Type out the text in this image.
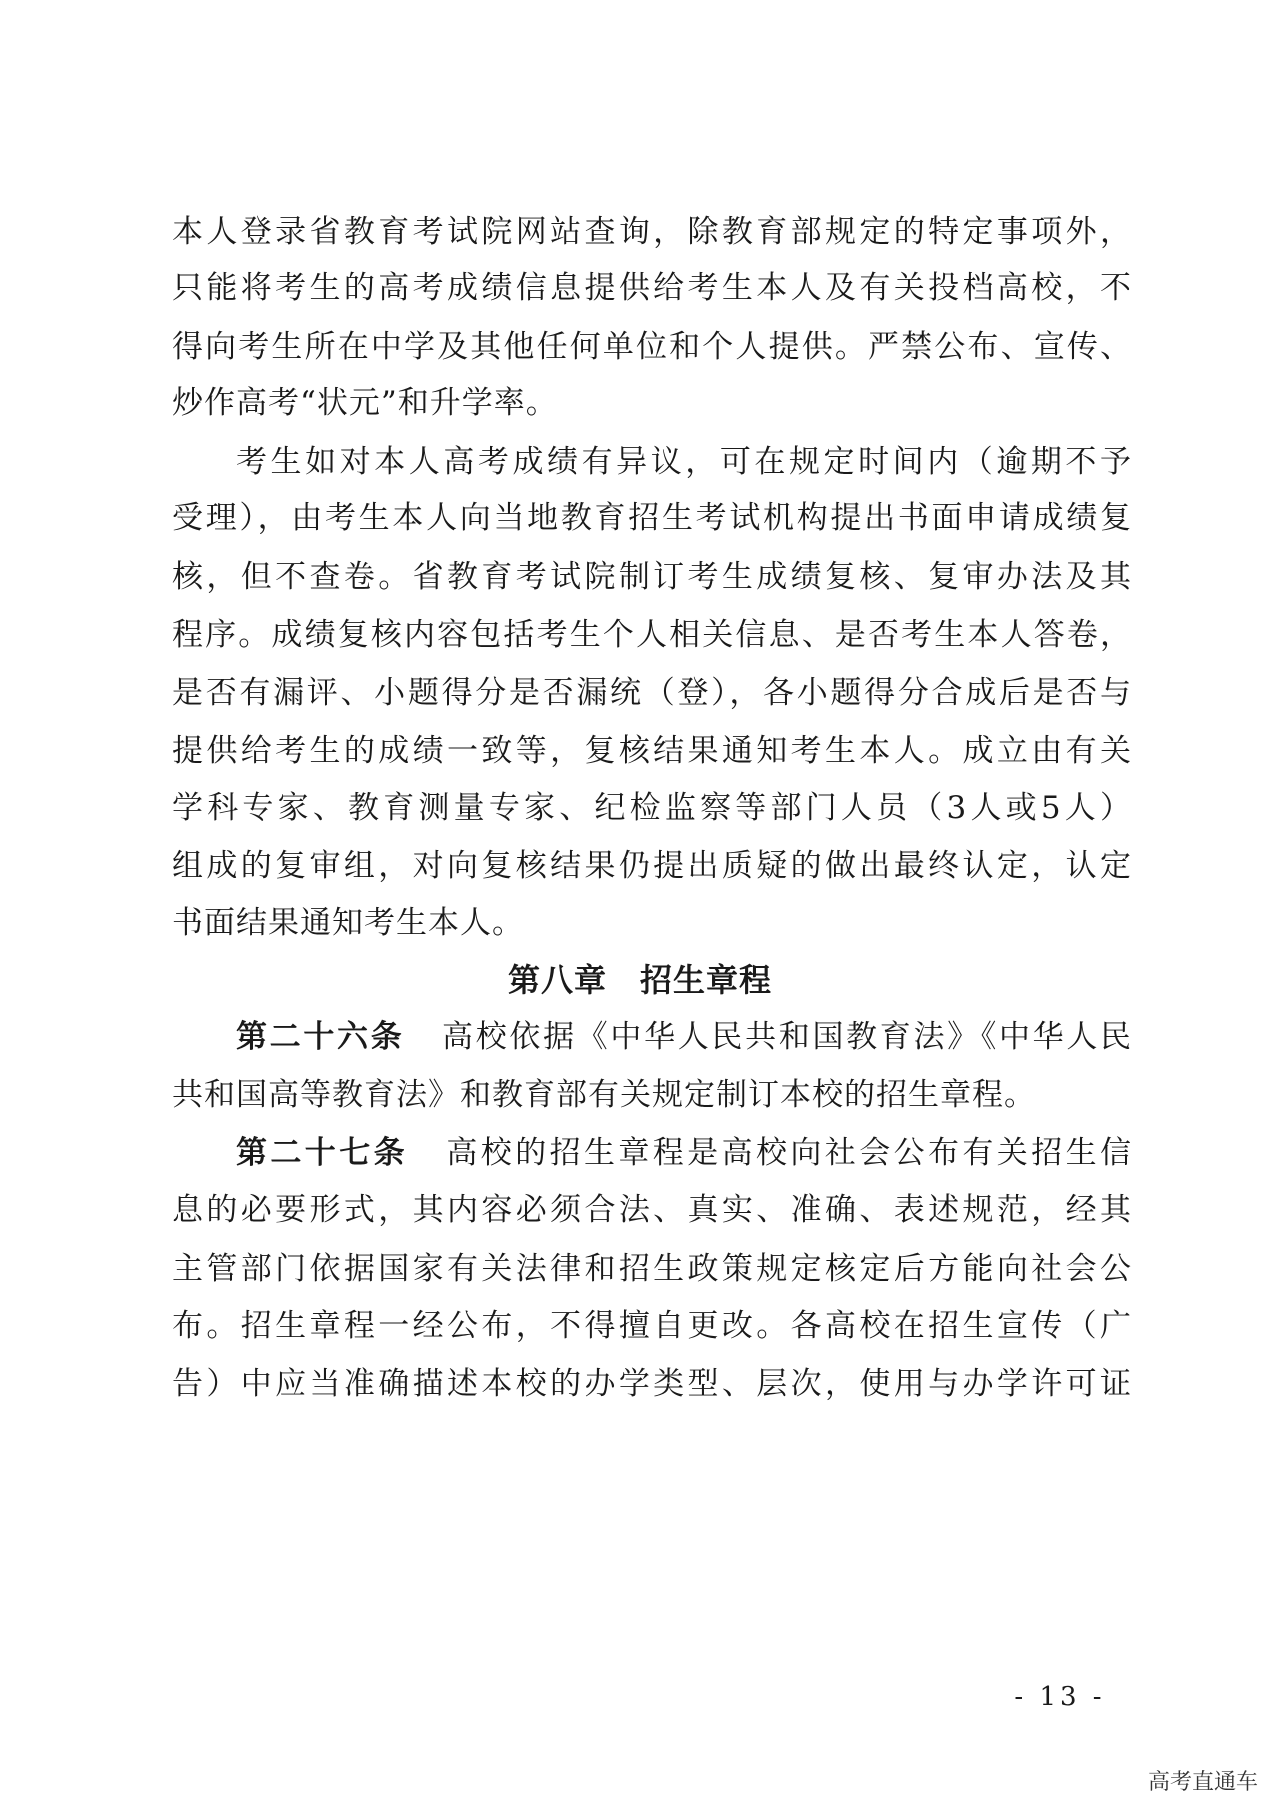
本人登录省教育考试院网站查询，除教育部规定的特定事项外，
只能将考生的高考成绩信息提供给考生本人及有关投档高校，不
得向考生所在中学及其他任何单位和个人提供。严禁公布、宣传、
炒作高考“状元”和升学率。
考生如对本人高考成绩有异议，可在规定时间内（逾期不予
受理），由考生本人向当地教育招生考试机构提出书面申请成绩复
核，但不查卷。省教育考试院制订考生成绩复核、复审办法及其
程序。成绩复核内容包括考生个人相关信息、是否考生本人答卷，
是否有漏评、小题得分是否漏统（登），各小题得分合成后是否与
提供给考生的成绩一致等，复核结果通知考生本人。成立由有关
学科专家、教育测量专家、纪检监察等部门人员（3人或5人）
组成的复审组，对向复核结果仍提出质疑的做出最终认定，认定
书面结果通知考生本人。
第八章　招生章程
第二十六条 高校依据《中华人民共和国教育法》《中华人民
共和国高等教育法》和教育部有关规定制订本校的招生章程。
第二十七条 高校的招生章程是高校向社会公布有关招生信
息的必要形式，其内容必须合法、真实、准确、表述规范，经其
主管部门依据国家有关法律和招生政策规定核定后方能向社会公
布。招生章程一经公布，不得擅自更改。各高校在招生宣传（广
告）中应当准确描述本校的办学类型、层次，使用与办学许可证
- 13 -
高考直通车
